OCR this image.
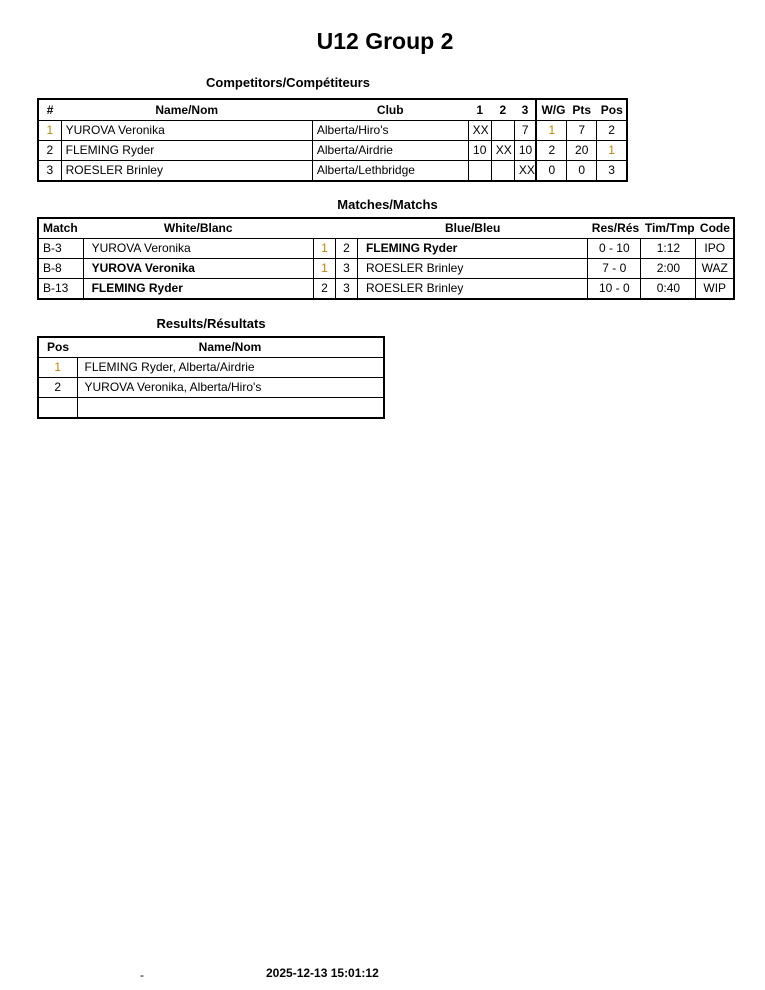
U12 Group 2
Competitors/Compétiteurs
#	Name/Nom	Club	1	2	3	W/G	Pts	Pos
1	YUROVA Veronika	Alberta/Hiro's	XX		7	1	7	2
2	FLEMING Ryder	Alberta/Airdrie	10	XX	10	2	20	1
3	ROESLER Brinley	Alberta/Lethbridge			XX	0	0	3
Matches/Matchs
Match	White/Blanc			Blue/Bleu	Res/Rés	Tim/Tmp	Code
B-3	YUROVA Veronika	1	2	FLEMING Ryder	0 - 10	1:12	IPO
B-8	YUROVA Veronika	1	3	ROESLER Brinley	7 - 0	2:00	WAZ
B-13	FLEMING Ryder	2	3	ROESLER Brinley	10 - 0	0:40	WIP
Results/Résultats
Pos	Name/Nom
1	FLEMING Ryder, Alberta/Airdrie
2	YUROVA Veronika, Alberta/Hiro's

-	2025-12-13 15:01:12
